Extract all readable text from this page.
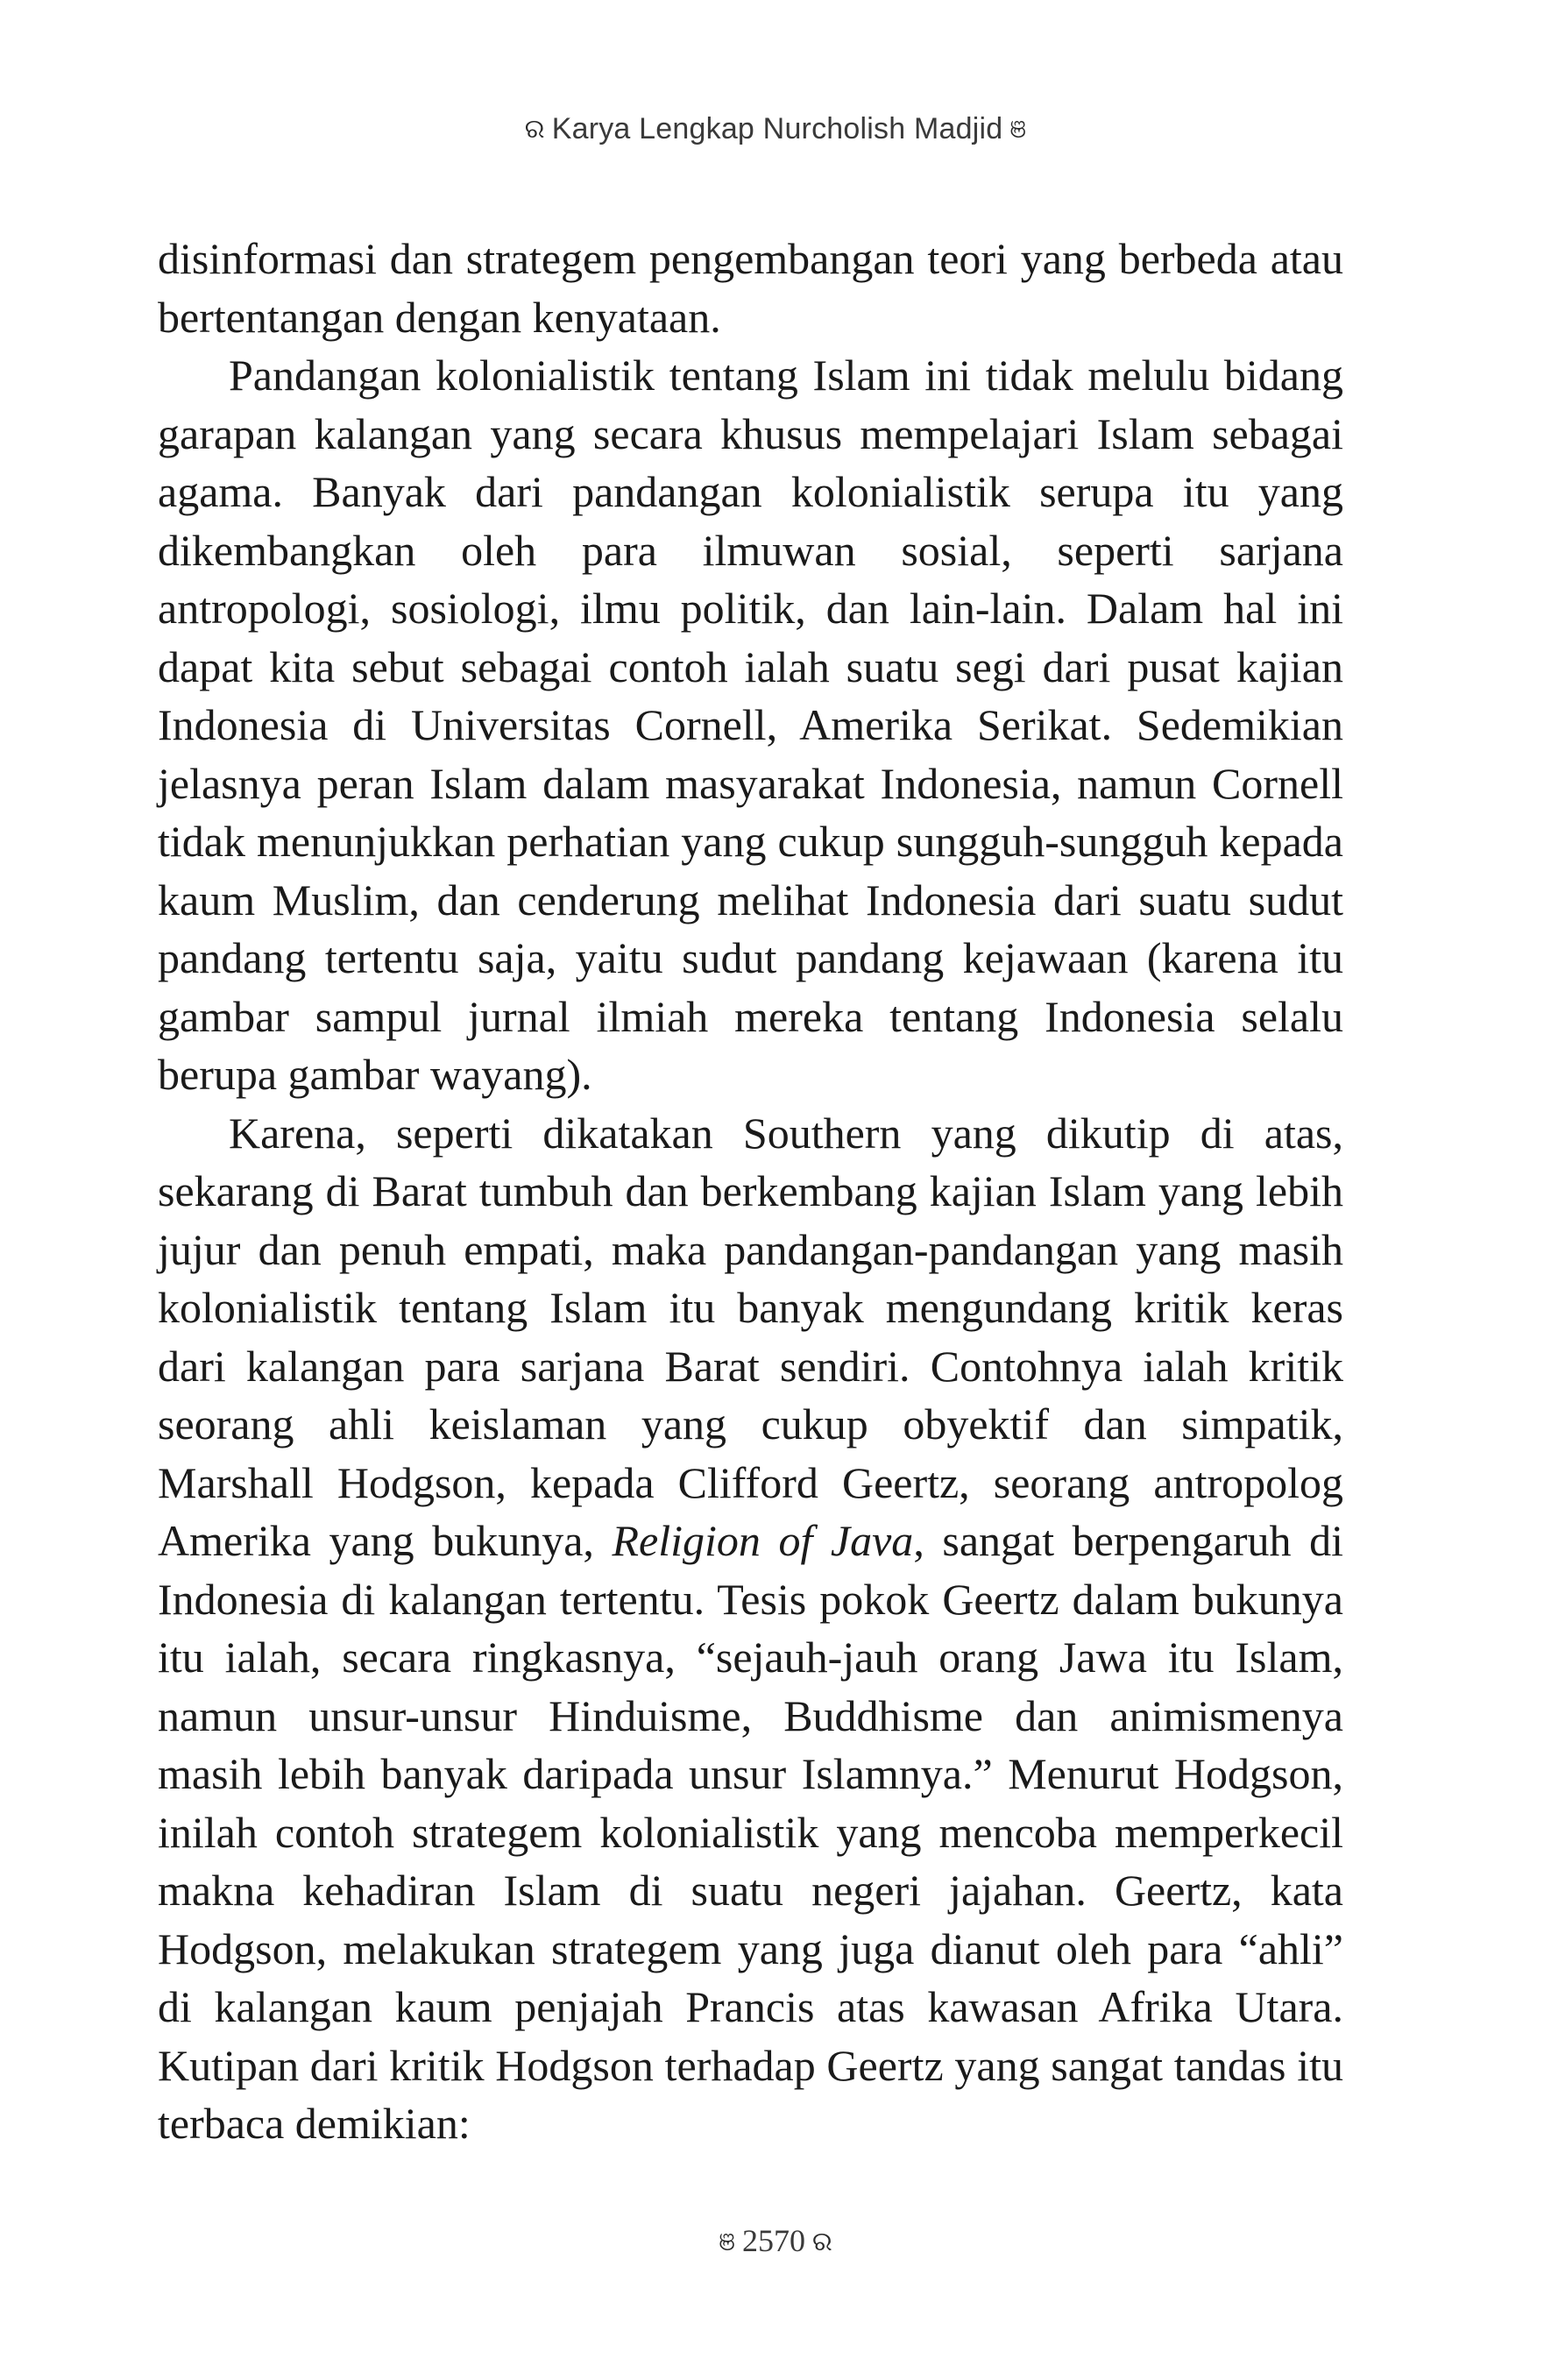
ର Karya Lengkap Nurcholish Madjid ଞ

disinformasi dan strategem pengembangan teori yang berbeda atau bertentangan dengan kenyataan.

Pandangan kolonialistik tentang Islam ini tidak melulu bidang garapan kalangan yang secara khusus mempelajari Islam sebagai agama. Banyak dari pandangan kolonialistik serupa itu yang dikembangkan oleh para ilmuwan sosial, seperti sarjana antropologi, sosiologi, ilmu politik, dan lain-lain. Dalam hal ini dapat kita sebut sebagai contoh ialah suatu segi dari pusat kajian Indonesia di Universitas Cornell, Amerika Serikat. Sedemikian jelasnya peran Islam dalam masyarakat Indonesia, namun Cornell tidak menunjukkan perhatian yang cukup sungguh-sungguh kepada kaum Muslim, dan cenderung melihat Indonesia dari suatu sudut pandang tertentu saja, yaitu sudut pandang kejawaan (karena itu gambar sampul jurnal ilmiah mereka tentang Indonesia selalu berupa gambar wayang).

Karena, seperti dikatakan Southern yang dikutip di atas, sekarang di Barat tumbuh dan berkembang kajian Islam yang lebih jujur dan penuh empati, maka pandangan-pandangan yang masih kolonialistik tentang Islam itu banyak mengundang kritik keras dari kalangan para sarjana Barat sendiri. Contohnya ialah kritik seorang ahli keislaman yang cukup obyektif dan simpatik, Marshall Hodgson, kepada Clifford Geertz, seorang antropolog Amerika yang bukunya, Religion of Java, sangat berpengaruh di Indonesia di kalangan tertentu. Tesis pokok Geertz dalam bukunya itu ialah, secara ringkasnya, “sejauh-jauh orang Jawa itu Islam, namun unsur-unsur Hinduisme, Buddhisme dan animismenya masih lebih banyak daripada unsur Islamnya.” Menurut Hodgson, inilah contoh strategem kolonialistik yang mencoba memperkecil makna kehadiran Islam di suatu negeri jajahan. Geertz, kata Hodgson, melakukan strategem yang juga dianut oleh para “ahli” di kalangan kaum penjajah Prancis atas kawasan Afrika Utara. Kutipan dari kritik Hodgson terhadap Geertz yang sangat tandas itu terbaca demikian:

ଞ 2570 ର
